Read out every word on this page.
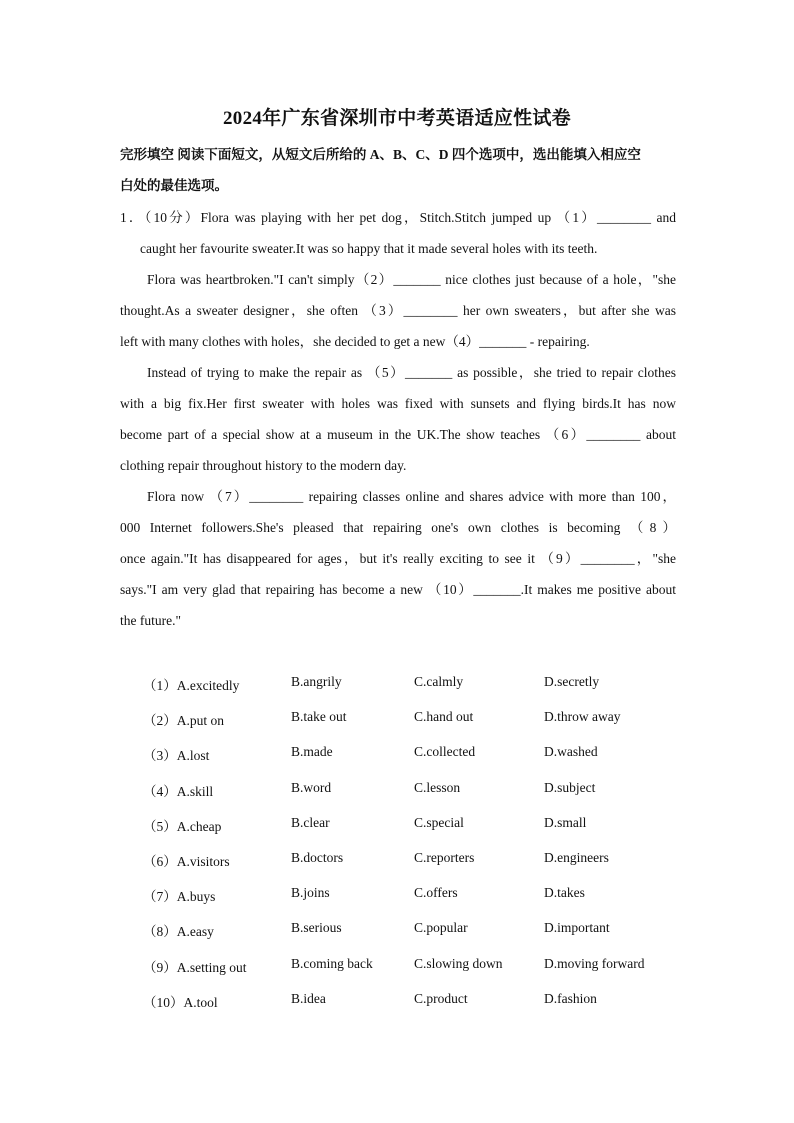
2024年广东省深圳市中考英语适应性试卷
完形填空 阅读下面短文，从短文后所给的 A、B、C、D 四个选项中，选出能填入相应空
白处的最佳选项。
1．（10分）Flora was playing with her pet dog，Stitch.Stitch jumped up （1）________ and
caught her favourite sweater.It was so happy that it made several holes with its teeth.
Flora was heartbroken."I can't simply（2）_______ nice clothes just because of a hole，"she
thought.As a sweater designer，she often （3）________ her own sweaters，but after she was
left with many clothes with holes，she decided to get a new（4）_______ - repairing.
Instead of trying to make the repair as （5）_______ as possible，she tried to repair clothes
with a big fix.Her first sweater with holes was fixed with sunsets and flying birds.It has now
become part of a special show at a museum in the UK.The show teaches （6）________ about
clothing repair throughout history to the modern day.
Flora now （7）________ repairing classes online and shares advice with more than 100，
000 Internet followers.She's pleased that repairing one's own clothes is becoming （8）
once again."It has disappeared for ages，but it's really exciting to see it （9）________，"she
says."I am very glad that repairing has become a new （10）_______.It makes me positive about
the future."
（1）A.excitedly	B.angrily	C.calmly	D.secretly
（2）A.put on	B.take out	C.hand out	D.throw away
（3）A.lost	B.made	C.collected	D.washed
（4）A.skill	B.word	C.lesson	D.subject
（5）A.cheap	B.clear	C.special	D.small
（6）A.visitors	B.doctors	C.reporters	D.engineers
（7）A.buys	B.joins	C.offers	D.takes
（8）A.easy	B.serious	C.popular	D.important
（9）A.setting out	B.coming back	C.slowing down	D.moving forward
（10）A.tool	B.idea	C.product	D.fashion
